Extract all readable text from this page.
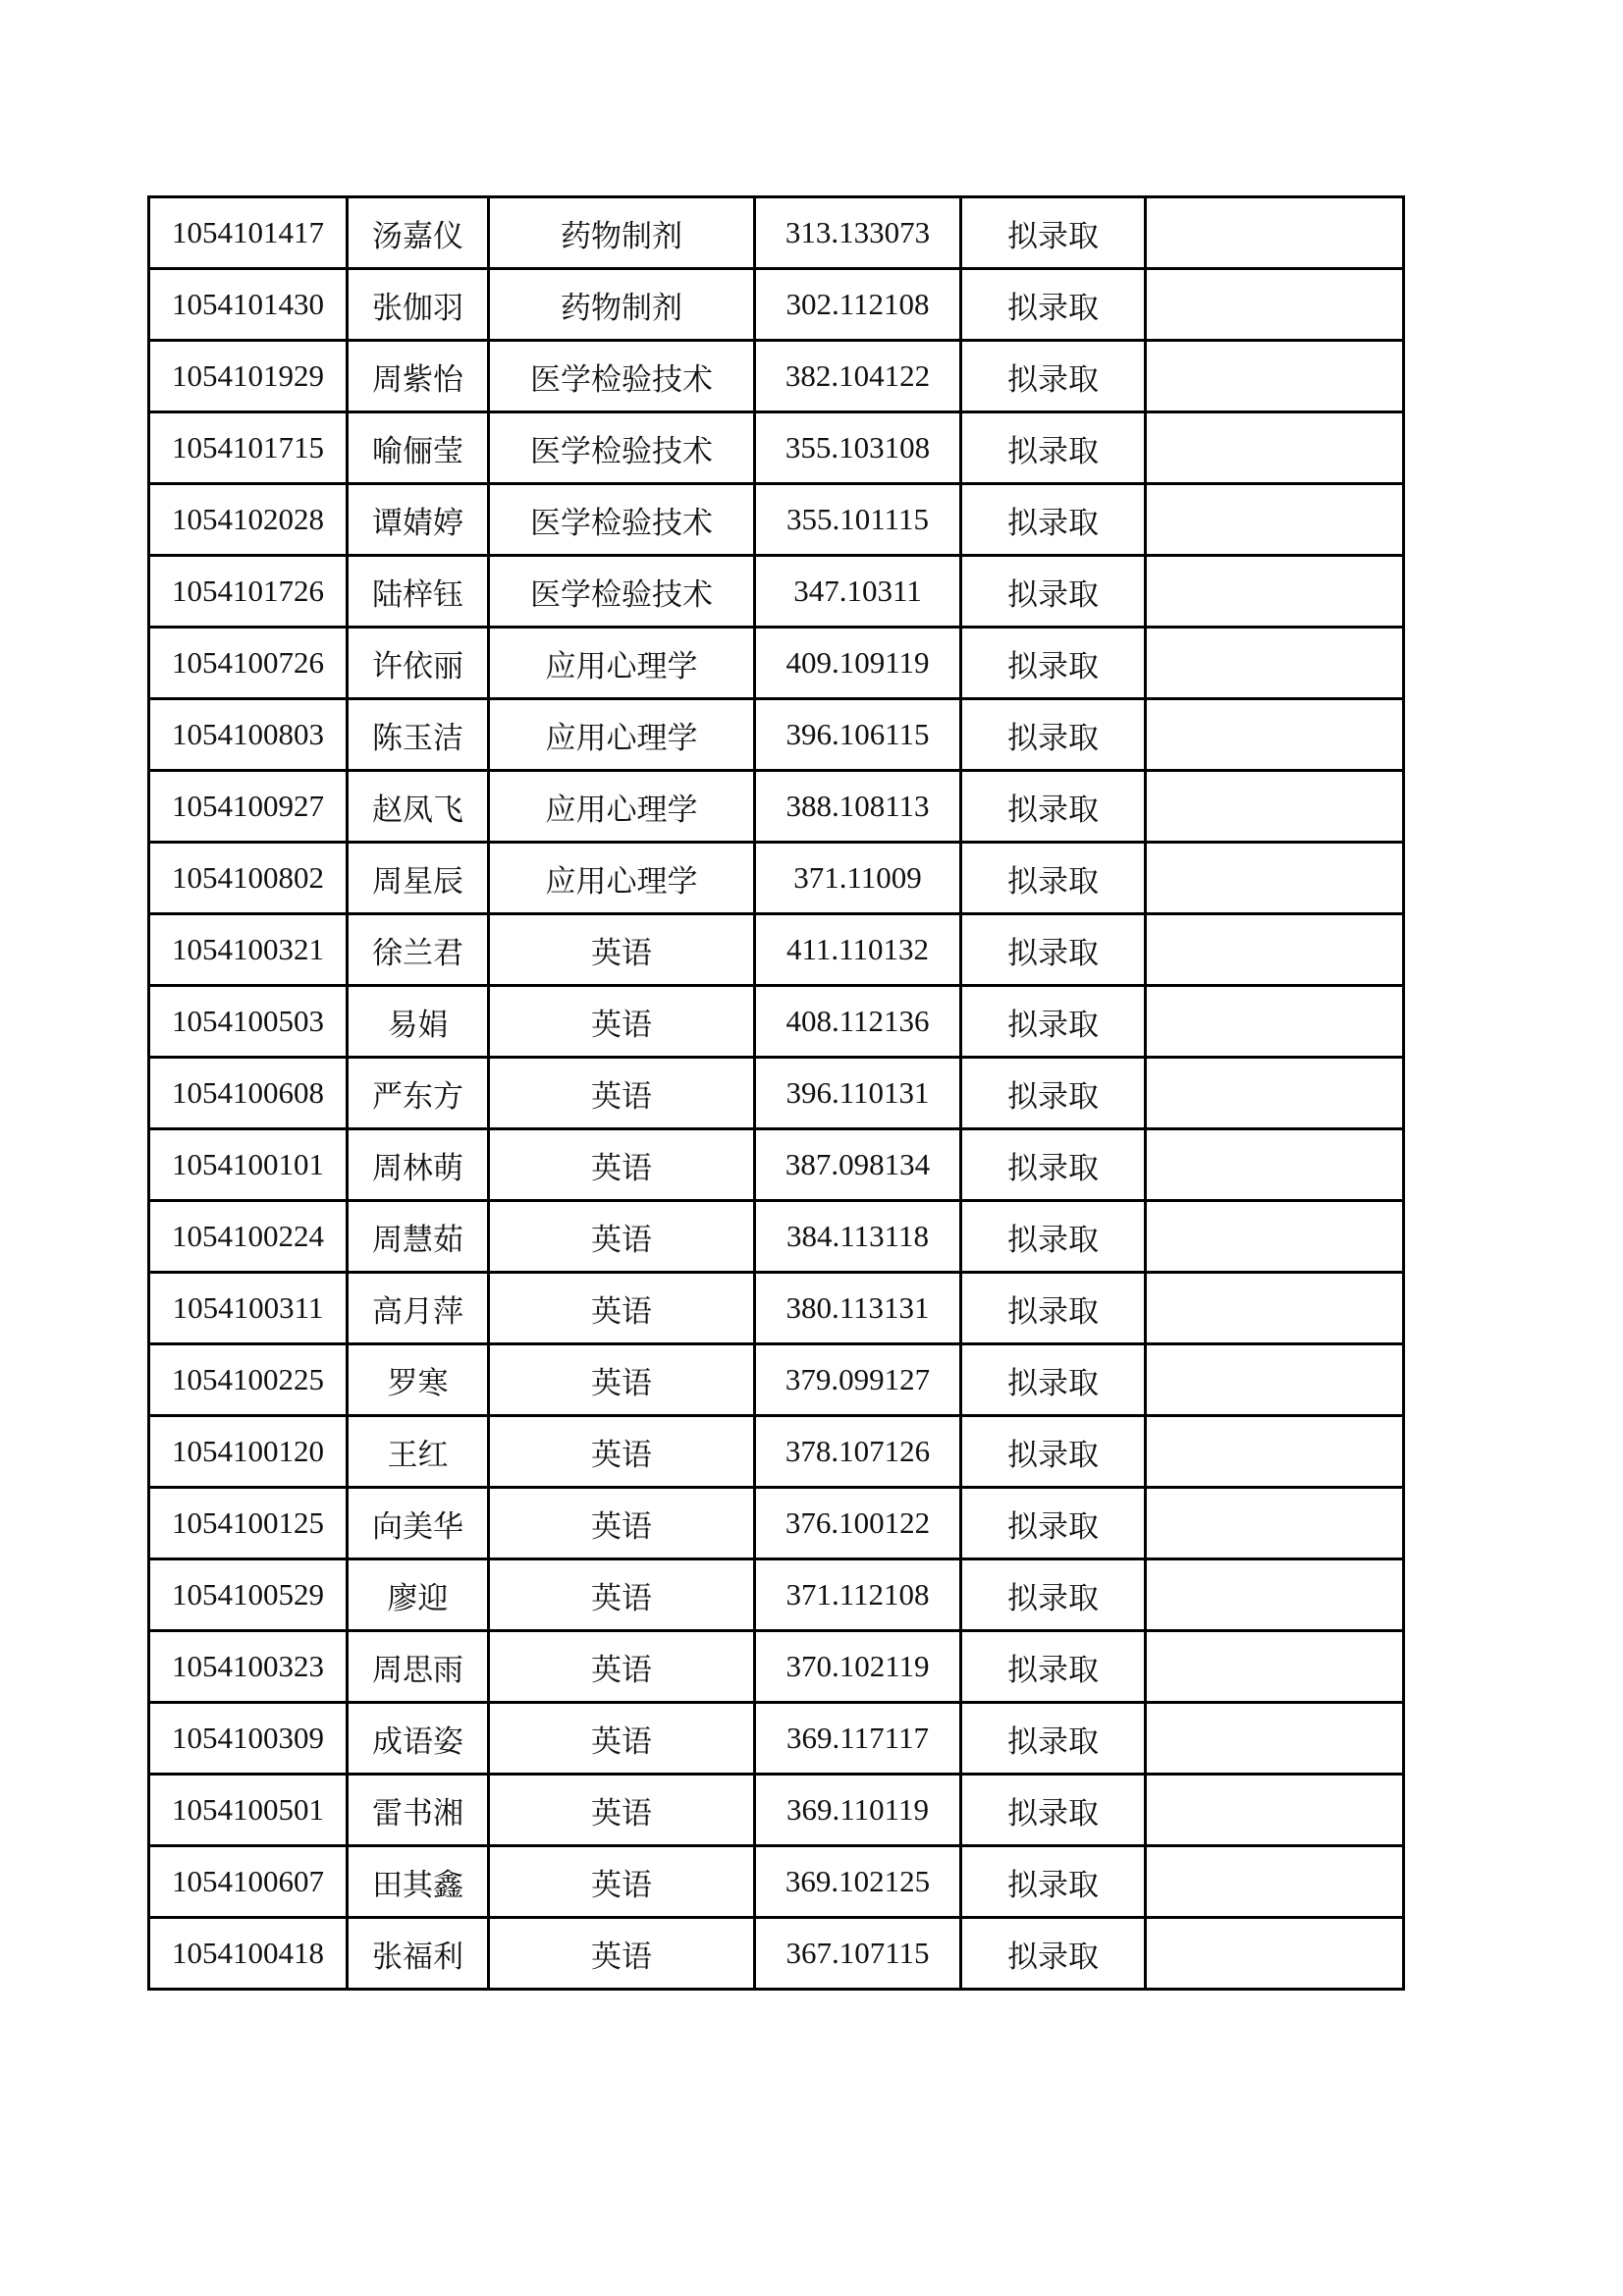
1054101417	汤嘉仪	药物制剂	313.133073	拟录取	
1054101430	张伽羽	药物制剂	302.112108	拟录取	
1054101929	周紫怡	医学检验技术	382.104122	拟录取	
1054101715	喻俪莹	医学检验技术	355.103108	拟录取	
1054102028	谭婧婷	医学检验技术	355.101115	拟录取	
1054101726	陆梓钰	医学检验技术	347.10311	拟录取	
1054100726	许依丽	应用心理学	409.109119	拟录取	
1054100803	陈玉洁	应用心理学	396.106115	拟录取	
1054100927	赵凤飞	应用心理学	388.108113	拟录取	
1054100802	周星辰	应用心理学	371.11009	拟录取	
1054100321	徐兰君	英语	411.110132	拟录取	
1054100503	易娟	英语	408.112136	拟录取	
1054100608	严东方	英语	396.110131	拟录取	
1054100101	周林萌	英语	387.098134	拟录取	
1054100224	周慧茹	英语	384.113118	拟录取	
1054100311	高月萍	英语	380.113131	拟录取	
1054100225	罗寒	英语	379.099127	拟录取	
1054100120	王红	英语	378.107126	拟录取	
1054100125	向美华	英语	376.100122	拟录取	
1054100529	廖迎	英语	371.112108	拟录取	
1054100323	周思雨	英语	370.102119	拟录取	
1054100309	成语姿	英语	369.117117	拟录取	
1054100501	雷书湘	英语	369.110119	拟录取	
1054100607	田其鑫	英语	369.102125	拟录取	
1054100418	张福利	英语	367.107115	拟录取	
